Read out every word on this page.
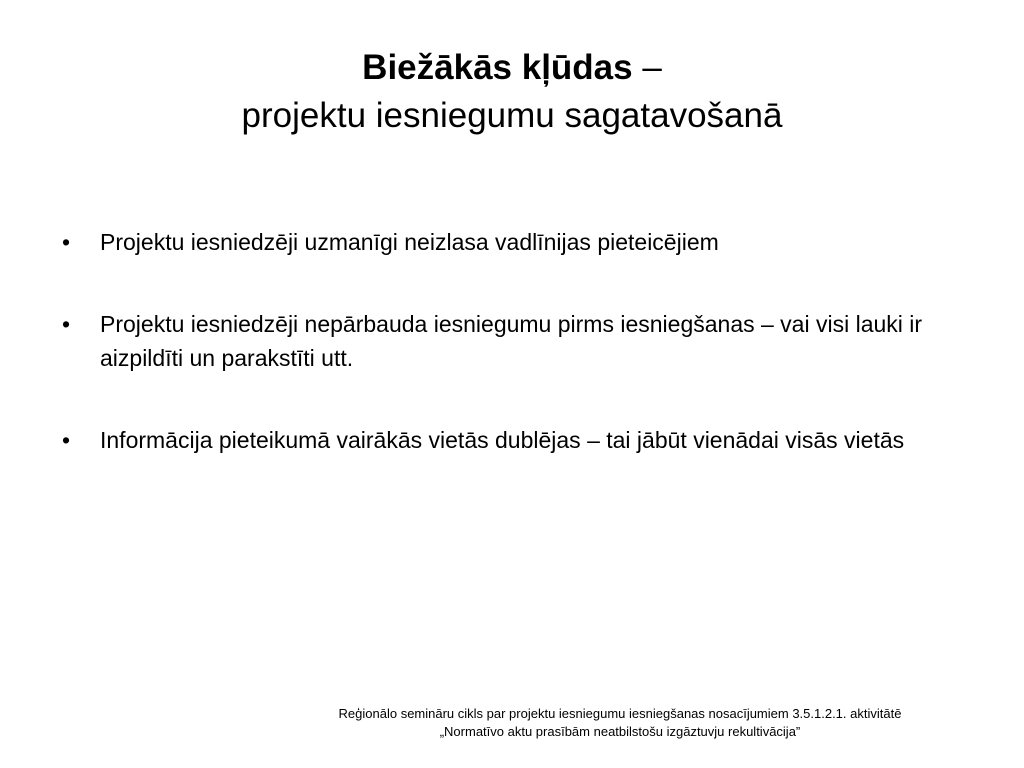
Biežākās kļūdas –
projektu iesniegumu sagatavošanā
• Projektu iesniedzēji uzmanīgi neizlasa vadlīnijas pieteicējiem
• Projektu iesniedzēji nepārbauda iesniegumu pirms iesniegšanas – vai visi lauki ir aizpildīti un parakstīti utt.
• Informācija pieteikumā vairākās vietās dublējas – tai jābūt vienādai visās vietās
Reģionālo semināru cikls par projektu iesniegumu iesniegšanas nosacījumiem 3.5.1.2.1. aktivitātē
„Normatīvo aktu prasībām neatbilstošu izgāztuvju rekultivācija”
